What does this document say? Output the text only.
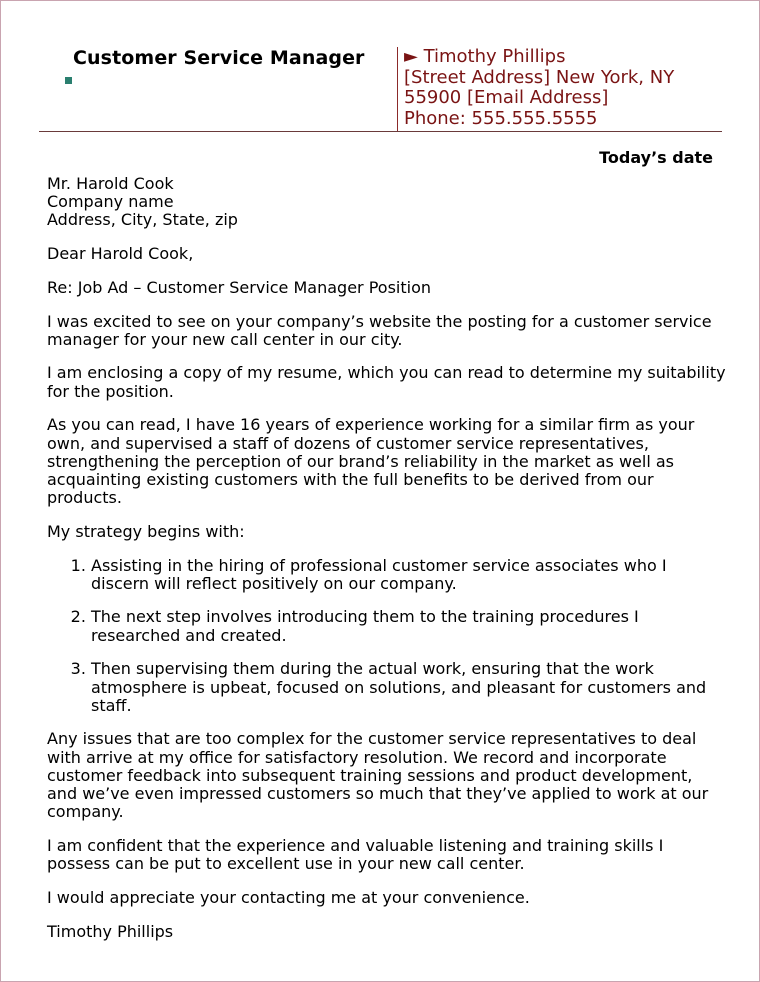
Customer Service Manager ► Timothy Phillips
[Street Address] New York, NY
55900 [Email Address]
Phone: 555.555.5555
Today’s date

Mr. Harold Cook
Company name
Address, City, State, zip

Dear Harold Cook,

Re: Job Ad – Customer Service Manager Position

I was excited to see on your company’s website the posting for a customer service manager for your new call center in our city.

I am enclosing a copy of my resume, which you can read to determine my suitability for the position.

As you can read, I have 16 years of experience working for a similar firm as your own, and supervised a staff of dozens of customer service representatives, strengthening the perception of our brand’s reliability in the market as well as acquainting existing customers with the full benefits to be derived from our products.

My strategy begins with:

1. Assisting in the hiring of professional customer service associates who I discern will reflect positively on our company.
2. The next step involves introducing them to the training procedures I researched and created.
3. Then supervising them during the actual work, ensuring that the work atmosphere is upbeat, focused on solutions, and pleasant for customers and staff.

Any issues that are too complex for the customer service representatives to deal with arrive at my office for satisfactory resolution. We record and incorporate customer feedback into subsequent training sessions and product development, and we’ve even impressed customers so much that they’ve applied to work at our company.

I am confident that the experience and valuable listening and training skills I possess can be put to excellent use in your new call center.

I would appreciate your contacting me at your convenience.

Timothy Phillips
